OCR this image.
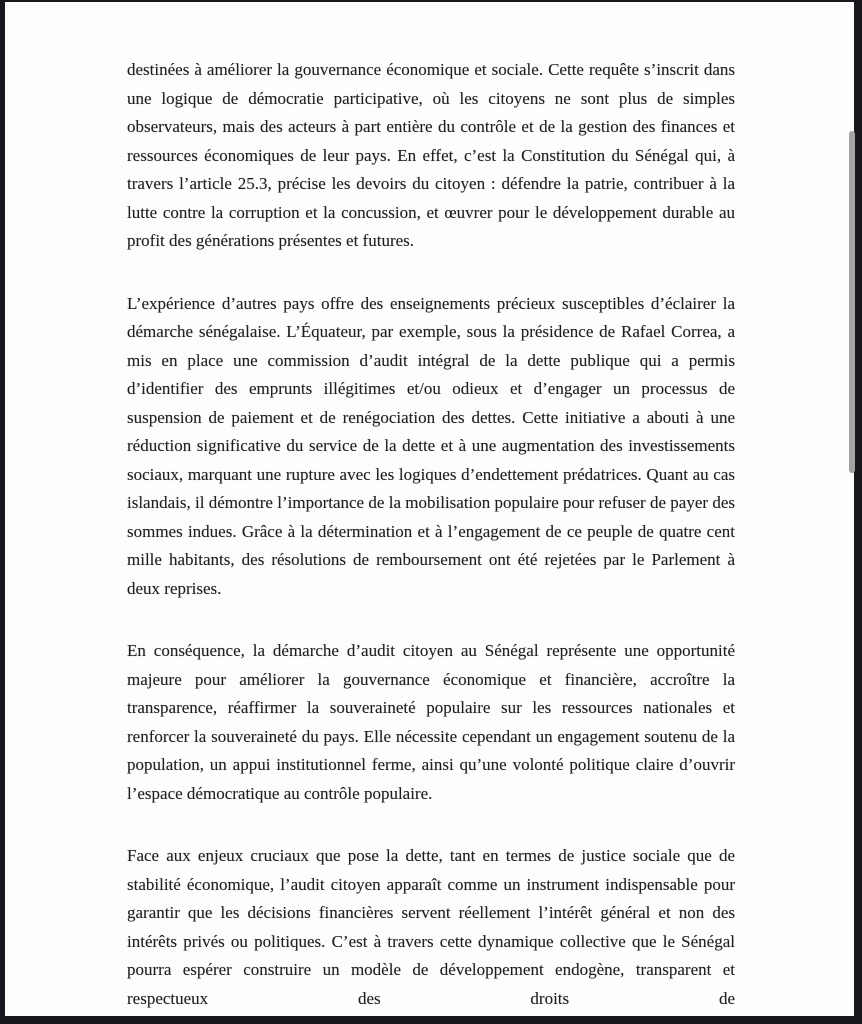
destinées à améliorer la gouvernance économique et sociale. Cette requête s’inscrit dans une logique de démocratie participative, où les citoyens ne sont plus de simples observateurs, mais des acteurs à part entière du contrôle et de la gestion des finances et ressources économiques de leur pays. En effet, c’est la Constitution du Sénégal qui, à travers l’article 25.3, précise les devoirs du citoyen : défendre la patrie, contribuer à la lutte contre la corruption et la concussion, et œuvrer pour le développement durable au profit des générations présentes et futures.

L’expérience d’autres pays offre des enseignements précieux susceptibles d’éclairer la démarche sénégalaise. L’Équateur, par exemple, sous la présidence de Rafael Correa, a mis en place une commission d’audit intégral de la dette publique qui a permis d’identifier des emprunts illégitimes et/ou odieux et d’engager un processus de suspension de paiement et de renégociation des dettes. Cette initiative a abouti à une réduction significative du service de la dette et à une augmentation des investissements sociaux, marquant une rupture avec les logiques d’endettement prédatrices. Quant au cas islandais, il démontre l’importance de la mobilisation populaire pour refuser de payer des sommes indues. Grâce à la détermination et à l’engagement de ce peuple de quatre cent mille habitants, des résolutions de remboursement ont été rejetées par le Parlement à deux reprises.

En conséquence, la démarche d’audit citoyen au Sénégal représente une opportunité majeure pour améliorer la gouvernance économique et financière, accroître la transparence, réaffirmer la souveraineté populaire sur les ressources nationales et renforcer la souveraineté du pays. Elle nécessite cependant un engagement soutenu de la population, un appui institutionnel ferme, ainsi qu’une volonté politique claire d’ouvrir l’espace démocratique au contrôle populaire.

Face aux enjeux cruciaux que pose la dette, tant en termes de justice sociale que de stabilité économique, l’audit citoyen apparaît comme un instrument indispensable pour garantir que les décisions financières servent réellement l’intérêt général et non des intérêts privés ou politiques. C’est à travers cette dynamique collective que le Sénégal pourra espérer construire un modèle de développement endogène, transparent et respectueux des droits de
